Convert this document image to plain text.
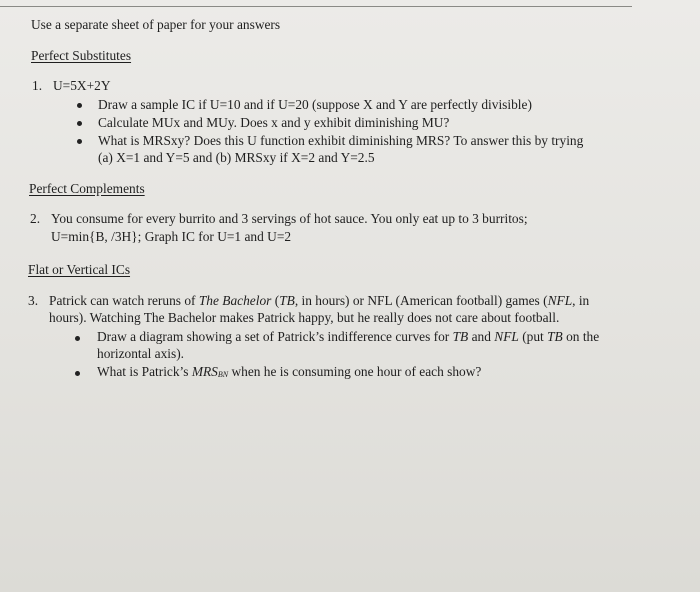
Use a separate sheet of paper for your answers
Perfect Substitutes
1. U=5X+2Y
Draw a sample IC if U=10 and if U=20 (suppose X and Y are perfectly divisible)
Calculate MUx and MUy. Does x and y exhibit diminishing MU?
What is MRSxy? Does this U function exhibit diminishing MRS? To answer this by trying
(a) X=1 and Y=5 and (b) MRSxy if X=2 and Y=2.5
Perfect Complements
2. You consume for every burrito and 3 servings of hot sauce. You only eat up to 3 burritos;
U=min{B, /3H}; Graph IC for U=1 and U=2
Flat or Vertical ICs
3. Patrick can watch reruns of The Bachelor (TB, in hours) or NFL (American football) games (NFL, in
hours). Watching The Bachelor makes Patrick happy, but he really does not care about football.
Draw a diagram showing a set of Patrick’s indifference curves for TB and NFL (put TB on the
horizontal axis).
What is Patrick’s MRSBN when he is consuming one hour of each show?
